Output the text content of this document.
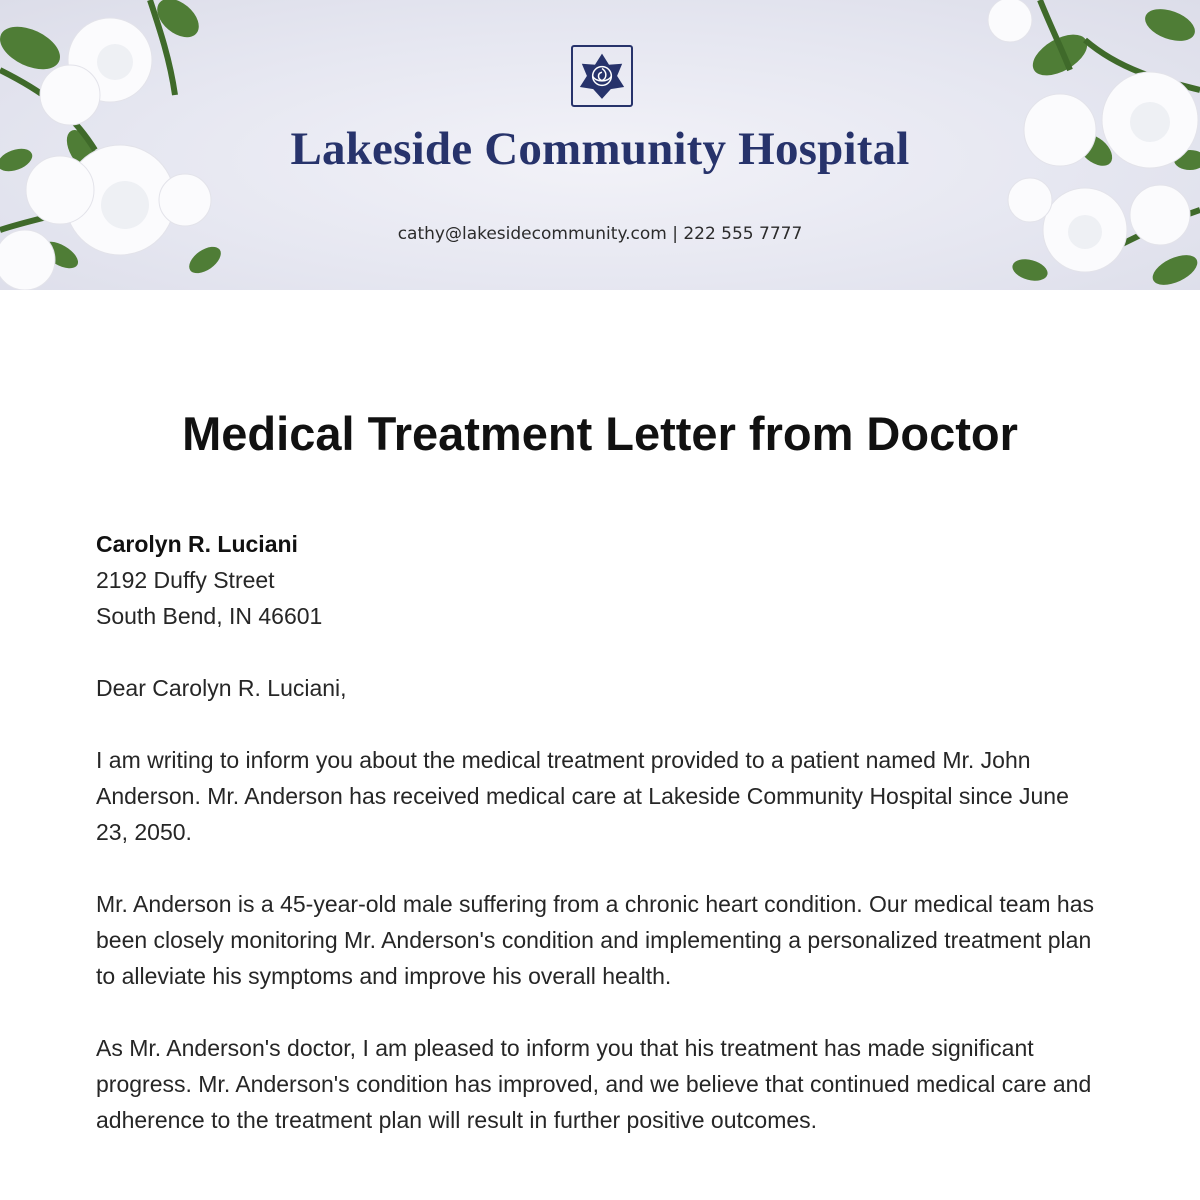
Lakeside Community Hospital
cathy@lakesidecommunity.com | 222 555 7777
Medical Treatment Letter from Doctor

Carolyn R. Luciani
2192 Duffy Street
South Bend, IN 46601

Dear Carolyn R. Luciani,

I am writing to inform you about the medical treatment provided to a patient named Mr. John Anderson. Mr. Anderson has received medical care at Lakeside Community Hospital since June 23, 2050.

Mr. Anderson is a 45-year-old male suffering from a chronic heart condition. Our medical team has been closely monitoring Mr. Anderson's condition and implementing a personalized treatment plan to alleviate his symptoms and improve his overall health.

As Mr. Anderson's doctor, I am pleased to inform you that his treatment has made significant progress. Mr. Anderson's condition has improved, and we believe that continued medical care and adherence to the treatment plan will result in further positive outcomes.
